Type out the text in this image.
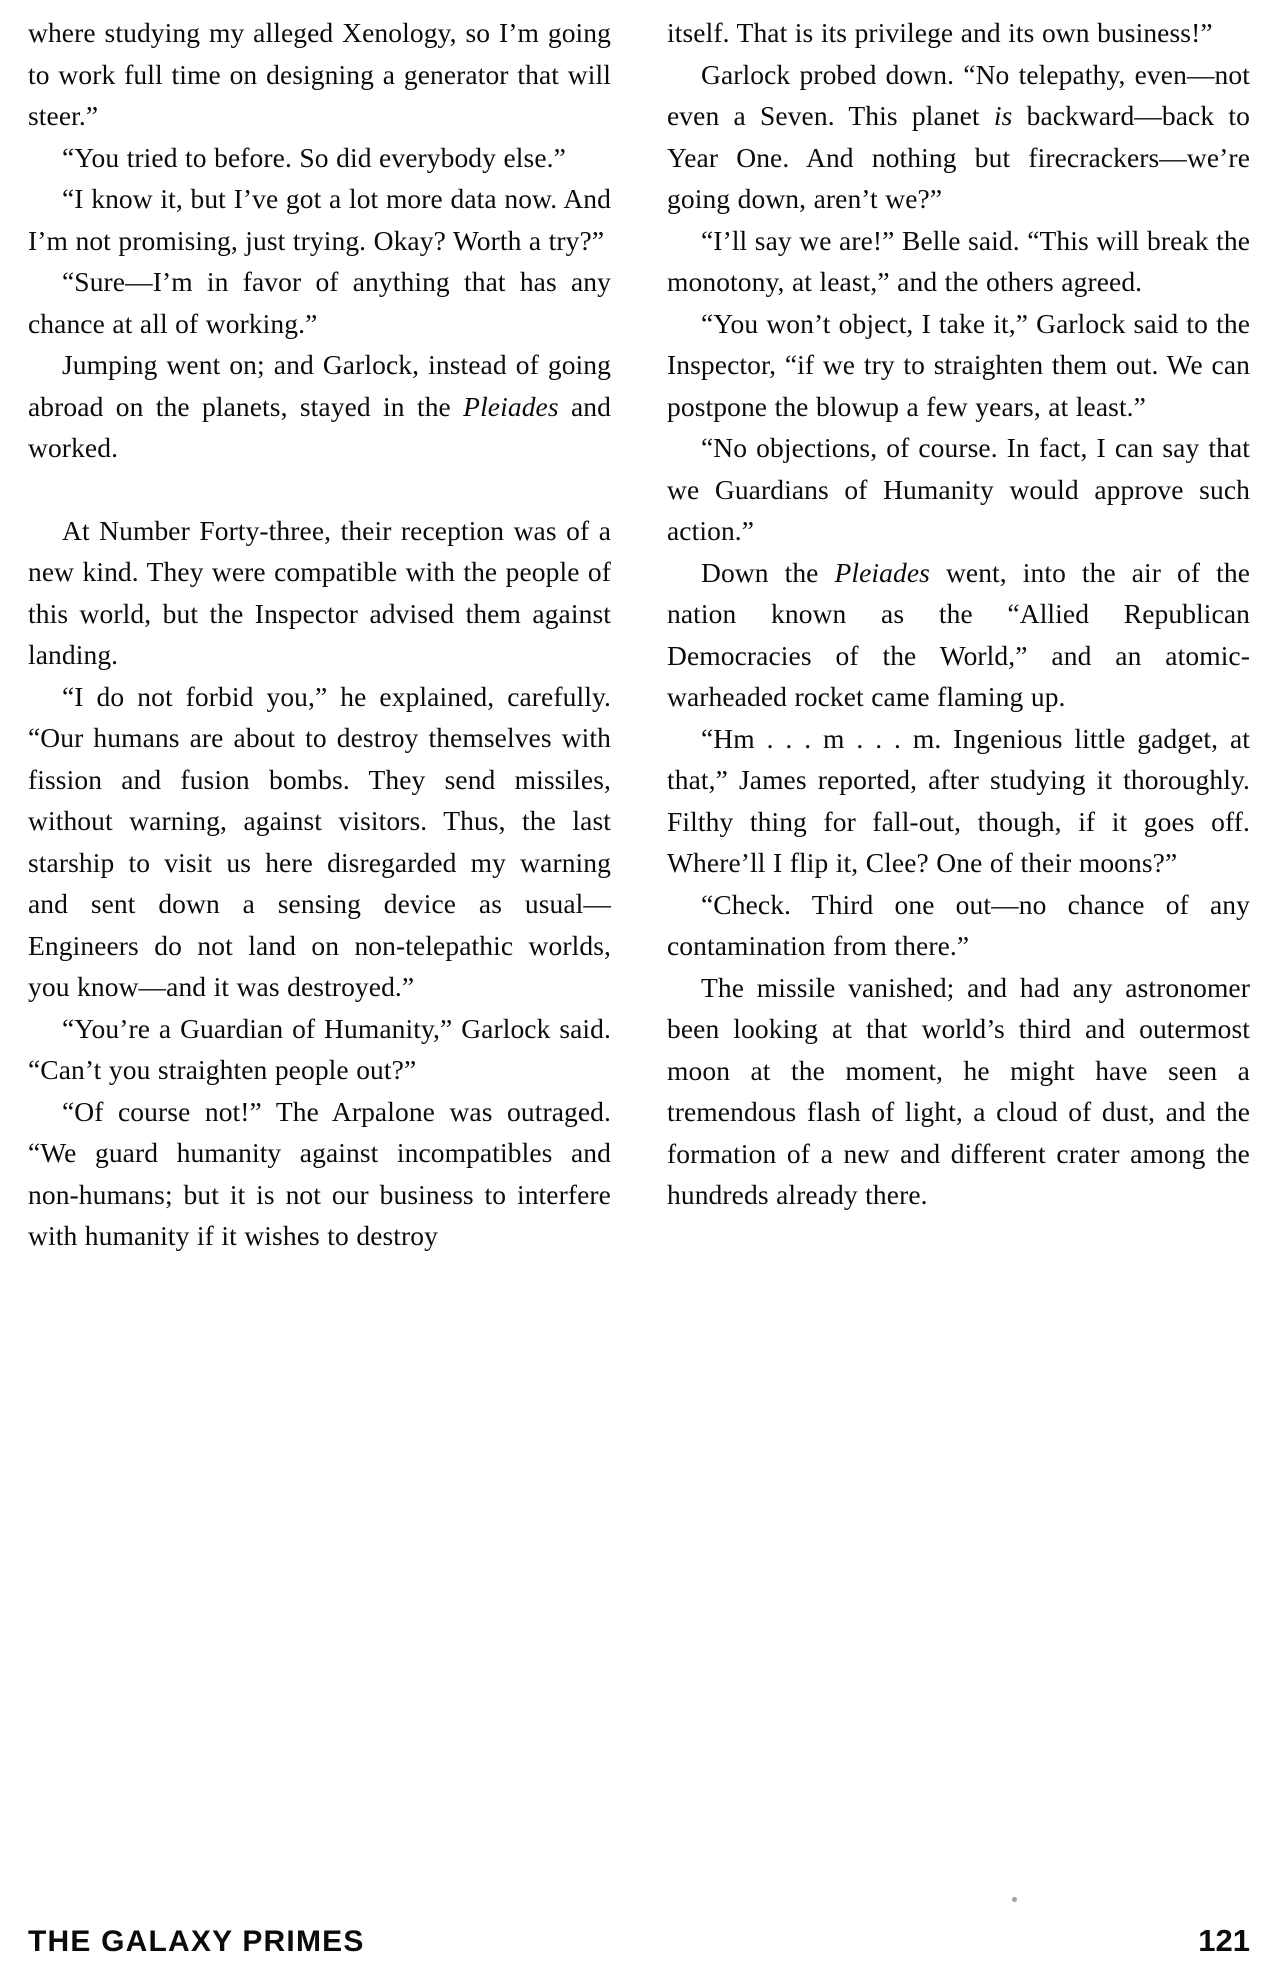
where studying my alleged Xenology, so I’m going to work full time on designing a generator that will steer.”

“You tried to before. So did everybody else.”

“I know it, but I’ve got a lot more data now. And I’m not promising, just trying. Okay? Worth a try?”

“Sure—I’m in favor of anything that has any chance at all of working.”

Jumping went on; and Garlock, instead of going abroad on the planets, stayed in the Pleiades and worked.

At Number Forty-three, their reception was of a new kind. They were compatible with the people of this world, but the Inspector advised them against landing.

“I do not forbid you,” he explained, carefully. “Our humans are about to destroy themselves with fission and fusion bombs. They send missiles, without warning, against visitors. Thus, the last starship to visit us here disregarded my warning and sent down a sensing device as usual—Engineers do not land on non-telepathic worlds, you know—and it was destroyed.”

“You’re a Guardian of Humanity,” Garlock said. “Can’t you straighten people out?”

“Of course not!” The Arpalone was outraged. “We guard humanity against incompatibles and non-humans; but it is not our business to interfere with humanity if it wishes to destroy

itself. That is its privilege and its own business!”

Garlock probed down. “No telepathy, even—not even a Seven. This planet is backward—back to Year One. And nothing but firecrackers—we’re going down, aren’t we?”

“I’ll say we are!” Belle said. “This will break the monotony, at least,” and the others agreed.

“You won’t object, I take it,” Garlock said to the Inspector, “if we try to straighten them out. We can postpone the blowup a few years, at least.”

“No objections, of course. In fact, I can say that we Guardians of Humanity would approve such action.”

Down the Pleiades went, into the air of the nation known as the “Allied Republican Democracies of the World,” and an atomic-warheaded rocket came flaming up.

“Hm . . . m . . . m. Ingenious little gadget, at that,” James reported, after studying it thoroughly. Filthy thing for fall-out, though, if it goes off. Where’ll I flip it, Clee? One of their moons?”

“Check. Third one out—no chance of any contamination from there.”

The missile vanished; and had any astronomer been looking at that world’s third and outermost moon at the moment, he might have seen a tremendous flash of light, a cloud of dust, and the formation of a new and different crater among the hundreds already there.

THE GALAXY PRIMES	121
